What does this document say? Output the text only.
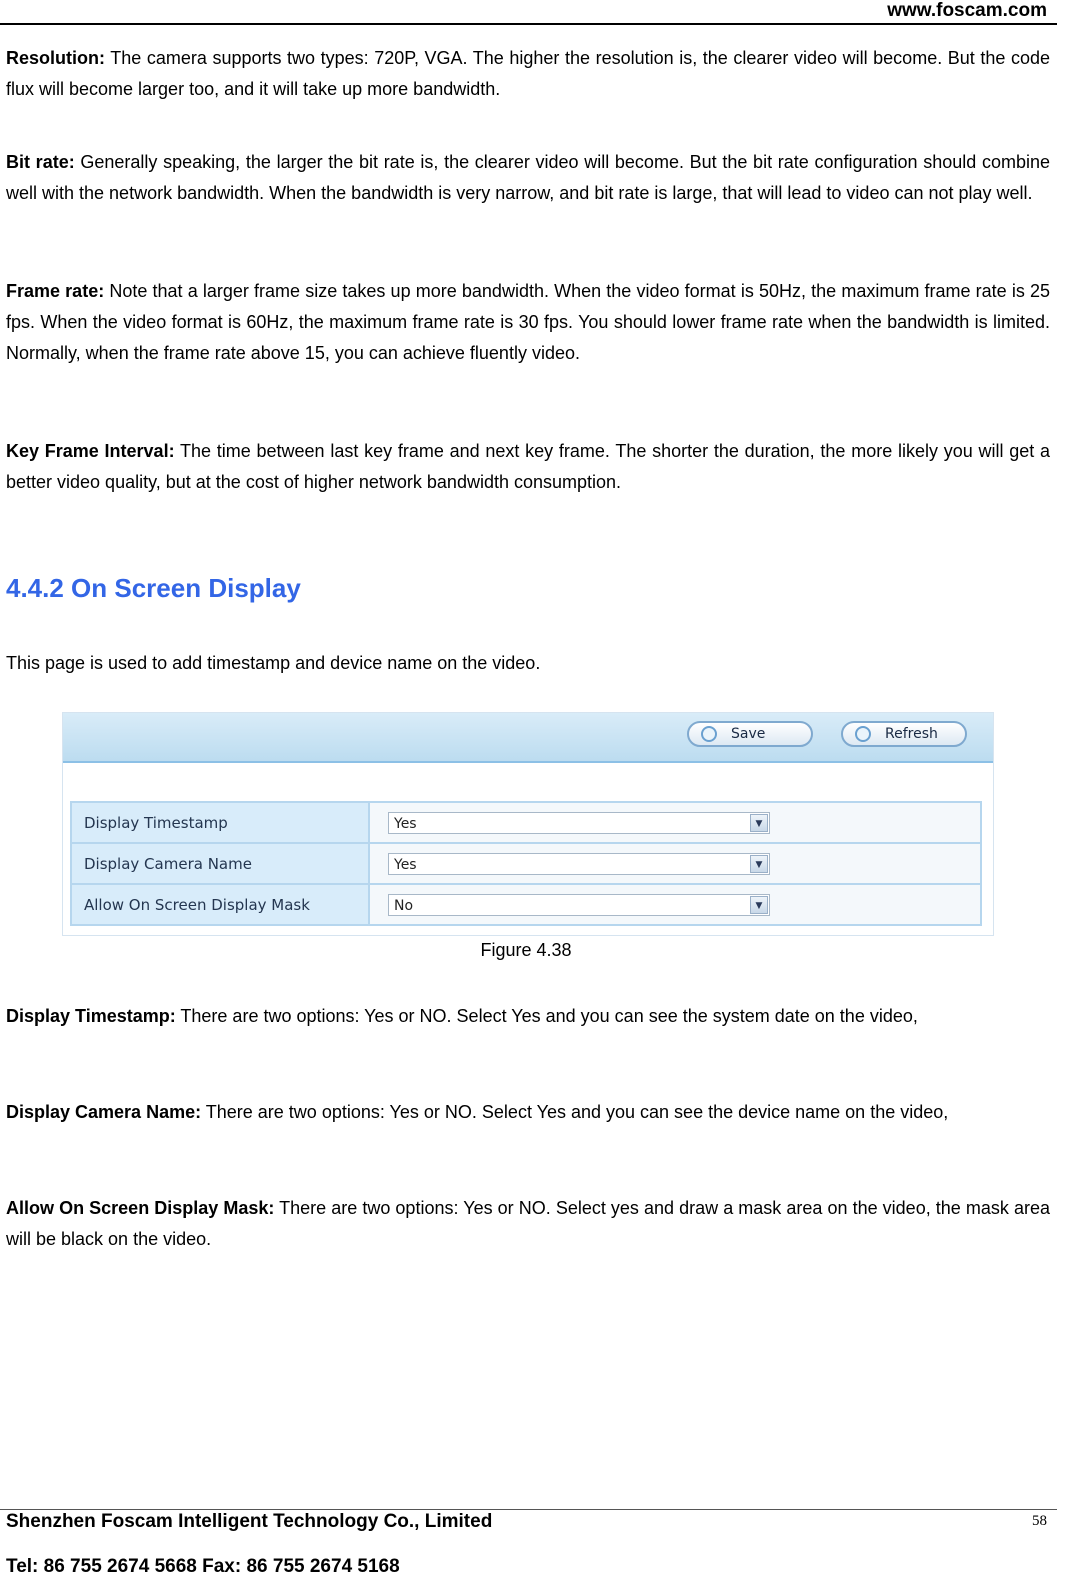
www.foscam.com

Resolution: The camera supports two types: 720P, VGA. The higher the resolution is, the clearer video will become. But the code flux will become larger too, and it will take up more bandwidth.

Bit rate: Generally speaking, the larger the bit rate is, the clearer video will become. But the bit rate configuration should combine well with the network bandwidth. When the bandwidth is very narrow, and bit rate is large, that will lead to video can not play well.

Frame rate: Note that a larger frame size takes up more bandwidth. When the video format is 50Hz, the maximum frame rate is 25 fps. When the video format is 60Hz, the maximum frame rate is 30 fps. You should lower frame rate when the bandwidth is limited. Normally, when the frame rate above 15, you can achieve fluently video.

Key Frame Interval: The time between last key frame and next key frame. The shorter the duration, the more likely you will get a better video quality, but at the cost of higher network bandwidth consumption.

4.4.2 On Screen Display

This page is used to add timestamp and device name on the video.

Save	Refresh
Display Timestamp	Yes ▼

Display Camera Name	Yes ▼

Allow On Screen Display Mask	No ▼
Figure 4.38

Display Timestamp: There are two options: Yes or NO. Select Yes and you can see the system date on the video,

Display Camera Name: There are two options: Yes or NO. Select Yes and you can see the device name on the video,

Allow On Screen Display Mask: There are two options: Yes or NO. Select yes and draw a mask area on the video, the mask area will be black on the video.

Shenzhen Foscam Intelligent Technology Co., Limited	58
Tel: 86 755 2674 5668 Fax: 86 755 2674 5168
